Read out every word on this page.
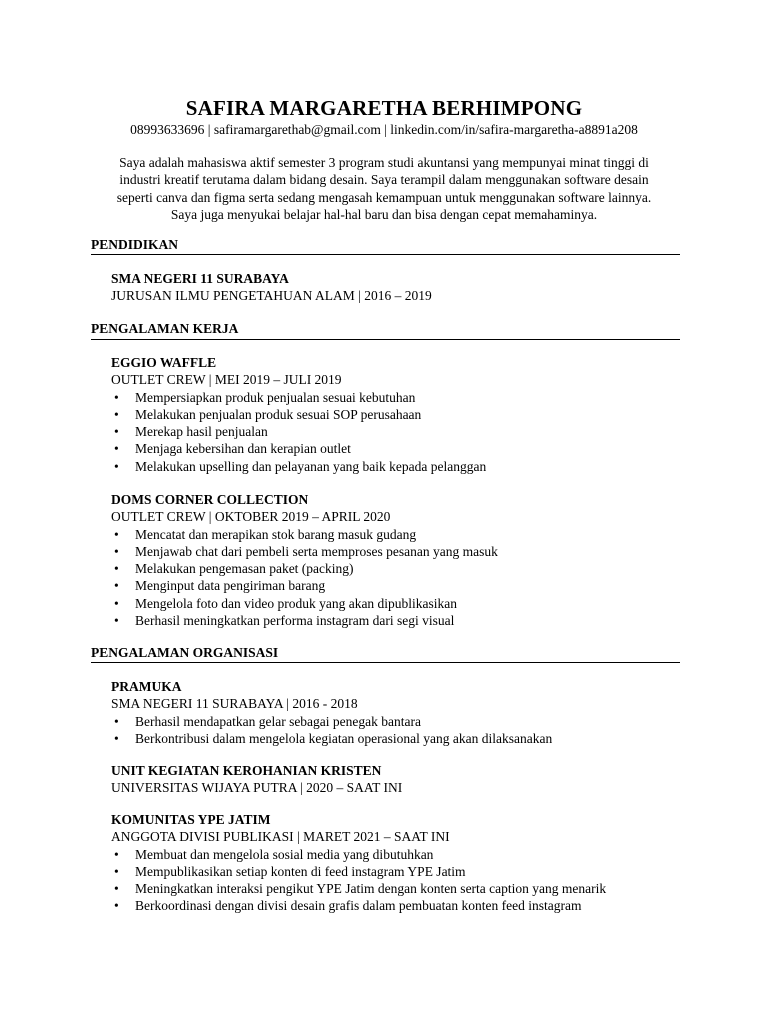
SAFIRA MARGARETHA BERHIMPONG
08993633696 | safiramargarethab@gmail.com | linkedin.com/in/safira-margaretha-a8891a208
Saya adalah mahasiswa aktif semester 3 program studi akuntansi yang mempunyai minat tinggi di
industri kreatif terutama dalam bidang desain. Saya terampil dalam menggunakan software desain
seperti canva dan figma serta sedang mengasah kemampuan untuk menggunakan software lainnya.
Saya juga menyukai belajar hal-hal baru dan bisa dengan cepat memahaminya.
PENDIDIKAN
SMA NEGERI 11 SURABAYA
JURUSAN ILMU PENGETAHUAN ALAM | 2016 – 2019
PENGALAMAN KERJA
EGGIO WAFFLE
OUTLET CREW | MEI 2019 – JULI 2019
• Mempersiapkan produk penjualan sesuai kebutuhan
• Melakukan penjualan produk sesuai SOP perusahaan
• Merekap hasil penjualan
• Menjaga kebersihan dan kerapian outlet
• Melakukan upselling dan pelayanan yang baik kepada pelanggan
DOMS CORNER COLLECTION
OUTLET CREW | OKTOBER 2019 – APRIL 2020
• Mencatat dan merapikan stok barang masuk gudang
• Menjawab chat dari pembeli serta memproses pesanan yang masuk
• Melakukan pengemasan paket (packing)
• Menginput data pengiriman barang
• Mengelola foto dan video produk yang akan dipublikasikan
• Berhasil meningkatkan performa instagram dari segi visual
PENGALAMAN ORGANISASI
PRAMUKA
SMA NEGERI 11 SURABAYA | 2016 - 2018
• Berhasil mendapatkan gelar sebagai penegak bantara
• Berkontribusi dalam mengelola kegiatan operasional yang akan dilaksanakan
UNIT KEGIATAN KEROHANIAN KRISTEN
UNIVERSITAS WIJAYA PUTRA | 2020 – SAAT INI
KOMUNITAS YPE JATIM
ANGGOTA DIVISI PUBLIKASI | MARET 2021 – SAAT INI
• Membuat dan mengelola sosial media yang dibutuhkan
• Mempublikasikan setiap konten di feed instagram YPE Jatim
• Meningkatkan interaksi pengikut YPE Jatim dengan konten serta caption yang menarik
• Berkoordinasi dengan divisi desain grafis dalam pembuatan konten feed instagram
